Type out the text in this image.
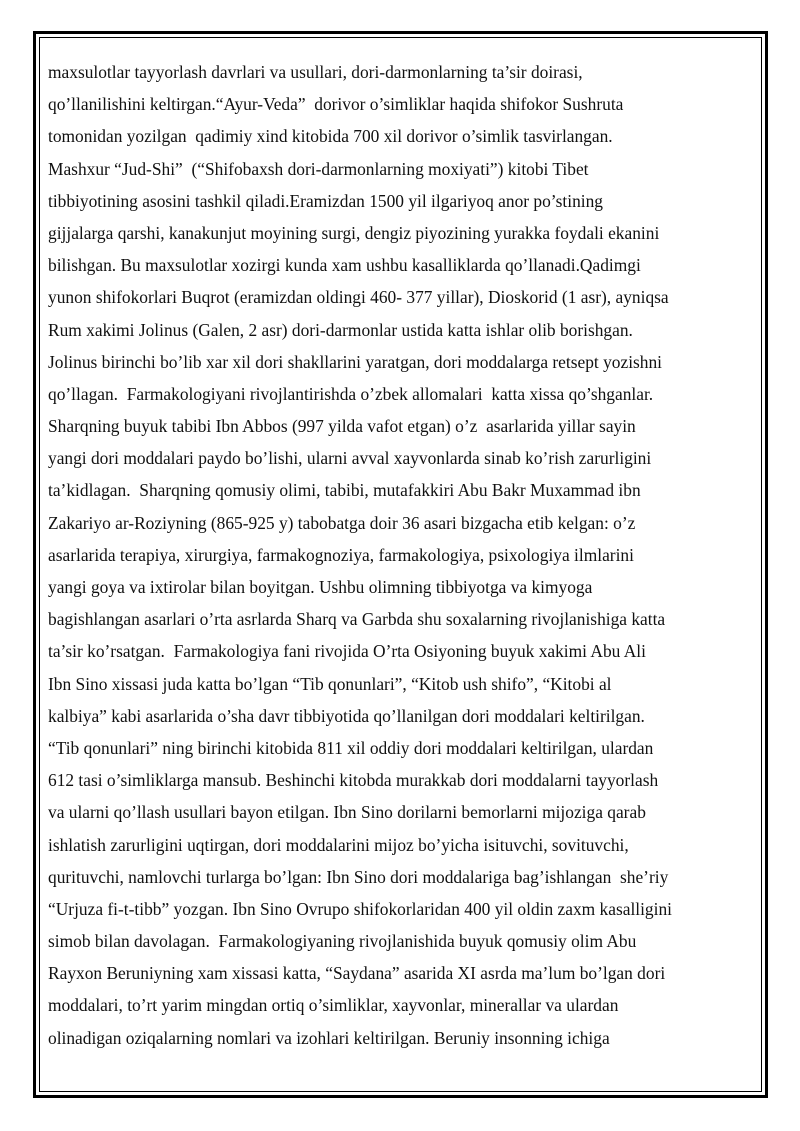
maxsulotlar tayyorlash davrlari va usullari, dori-darmonlarning ta’sir doirasi,
qo’llanilishini keltirgan.“Ayur-Veda”  dorivor o’simliklar haqida shifokor Sushruta
tomonidan yozilgan  qadimiy xind kitobida 700 xil dorivor o’simlik tasvirlangan.
Mashxur “Jud-Shi”  (“Shifobaxsh dori-darmonlarning moxiyati”) kitobi Tibet
tibbiyotining asosini tashkil qiladi.Eramizdan 1500 yil ilgariyoq anor po’stining
gijjalarga qarshi, kanakunjut moyining surgi, dengiz piyozining yurakka foydali ekanini
bilishgan. Bu maxsulotlar xozirgi kunda xam ushbu kasalliklarda qo’llanadi.Qadimgi
yunon shifokorlari Buqrot (eramizdan oldingi 460- 377 yillar), Dioskorid (1 asr), ayniqsa
Rum xakimi Jolinus (Galen, 2 asr) dori-darmonlar ustida katta ishlar olib borishgan.
Jolinus birinchi bo’lib xar xil dori shakllarini yaratgan, dori moddalarga retsept yozishni
qo’llagan.  Farmakologiyani rivojlantirishda o’zbek allomalari  katta xissa qo’shganlar.
Sharqning buyuk tabibi Ibn Abbos (997 yilda vafot etgan) o’z  asarlarida yillar sayin
yangi dori moddalari paydo bo’lishi, ularni avval xayvonlarda sinab ko’rish zarurligini
ta’kidlagan.  Sharqning qomusiy olimi, tabibi, mutafakkiri Abu Bakr Muxammad ibn
Zakariyo ar-Roziyning (865-925 y) tabobatga doir 36 asari bizgacha etib kelgan: o’z
asarlarida terapiya, xirurgiya, farmakognoziya, farmakologiya, psixologiya ilmlarini
yangi goya va ixtirolar bilan boyitgan. Ushbu olimning tibbiyotga va kimyoga
bagishlangan asarlari o’rta asrlarda Sharq va Garbda shu soxalarning rivojlanishiga katta
ta’sir ko’rsatgan.  Farmakologiya fani rivojida O’rta Osiyoning buyuk xakimi Abu Ali
Ibn Sino xissasi juda katta bo’lgan “Tib qonunlari”, “Kitob ush shifo”, “Kitobi al
kalbiya” kabi asarlarida o’sha davr tibbiyotida qo’llanilgan dori moddalari keltirilgan.
“Tib qonunlari” ning birinchi kitobida 811 xil oddiy dori moddalari keltirilgan, ulardan
612 tasi o’simliklarga mansub. Beshinchi kitobda murakkab dori moddalarni tayyorlash
va ularni qo’llash usullari bayon etilgan. Ibn Sino dorilarni bemorlarni mijoziga qarab
ishlatish zarurligini uqtirgan, dori moddalarini mijoz bo’yicha isituvchi, sovituvchi,
qurituvchi, namlovchi turlarga bo’lgan: Ibn Sino dori moddalariga bag’ishlangan  she’riy
“Urjuza fi-t-tibb” yozgan. Ibn Sino Ovrupo shifokorlaridan 400 yil oldin zaxm kasalligini
simob bilan davolagan.  Farmakologiyaning rivojlanishida buyuk qomusiy olim Abu
Rayxon Beruniyning xam xissasi katta, “Saydana” asarida XI asrda ma’lum bo’lgan dori
moddalari, to’rt yarim mingdan ortiq o’simliklar, xayvonlar, minerallar va ulardan
olinadigan oziqalarning nomlari va izohlari keltirilgan. Beruniy insonning ichiga
